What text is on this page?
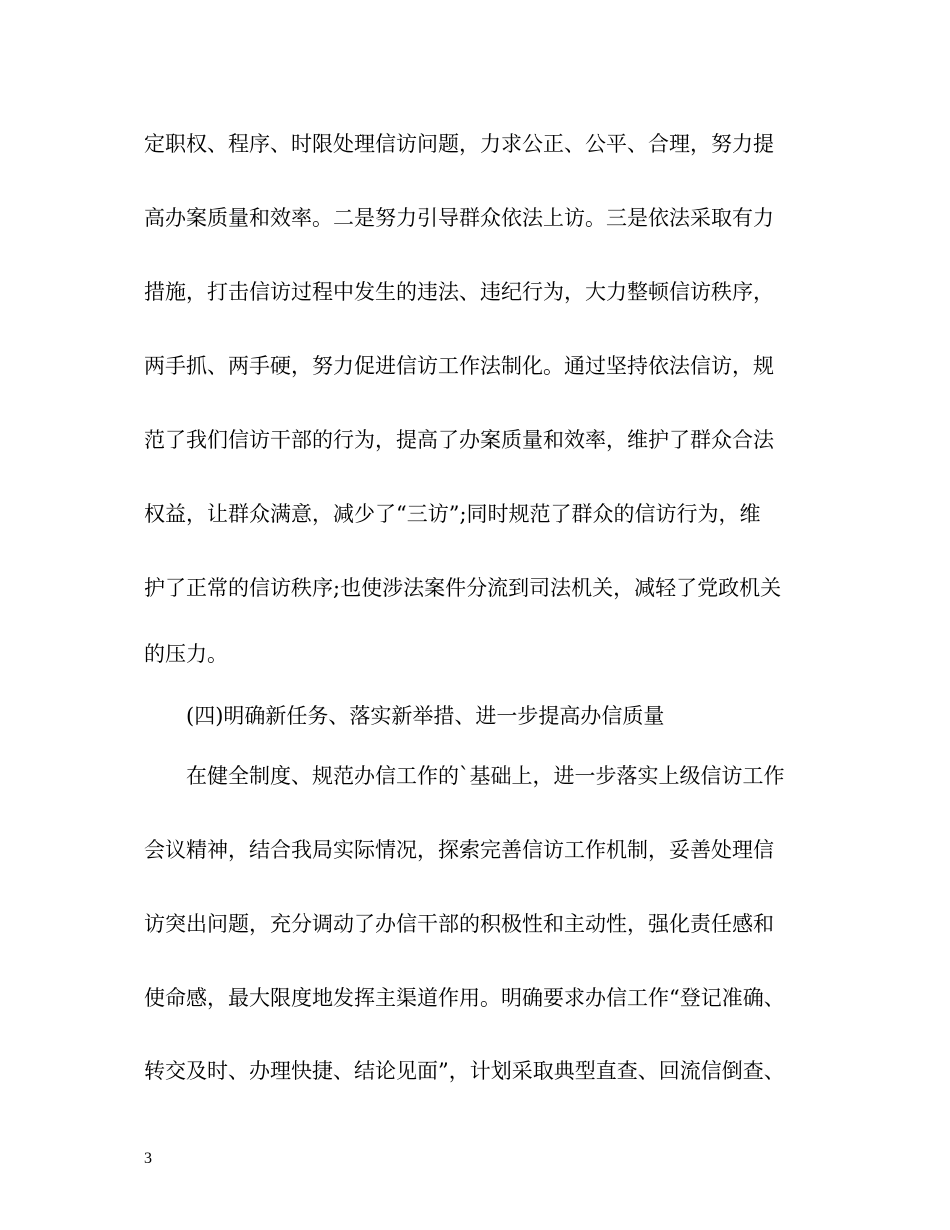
定职权、程序、时限处理信访问题，力求公正、公平、合理，努力提
高办案质量和效率。二是努力引导群众依法上访。三是依法采取有力
措施，打击信访过程中发生的违法、违纪行为，大力整顿信访秩序，
两手抓、两手硬，努力促进信访工作法制化。通过坚持依法信访，规
范了我们信访干部的行为，提高了办案质量和效率，维护了群众合法
权益，让群众满意，减少了“三访”;同时规范了群众的信访行为，维
护了正常的信访秩序;也使涉法案件分流到司法机关，减轻了党政机关
的压力。
　　(四)明确新任务、落实新举措、进一步提高办信质量
　　在健全制度、规范办信工作的`基础上，进一步落实上级信访工作
会议精神，结合我局实际情况，探索完善信访工作机制，妥善处理信
访突出问题，充分调动了办信干部的积极性和主动性，强化责任感和
使命感，最大限度地发挥主渠道作用。明确要求办信工作“登记准确、
转交及时、办理快捷、结论见面”，计划采取典型直查、回流信倒查、
3
